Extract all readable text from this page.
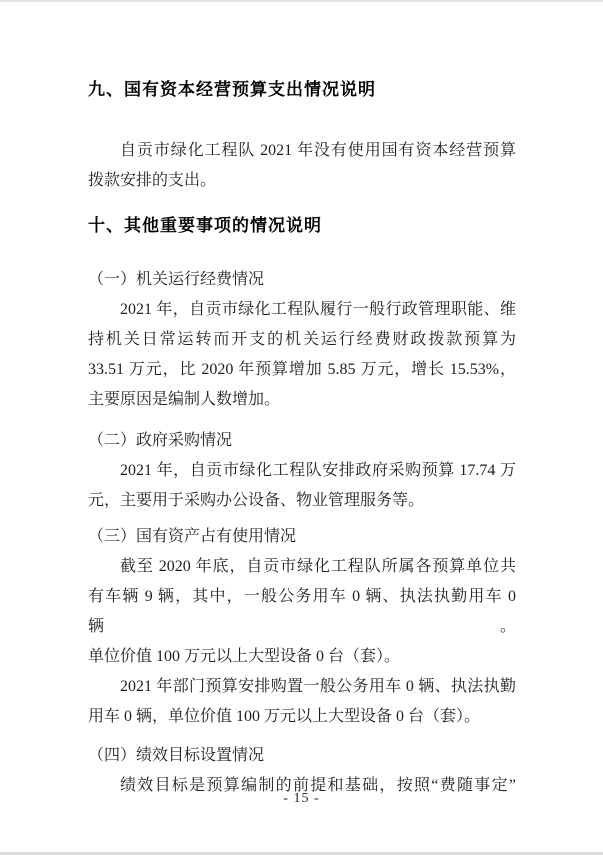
九、国有资本经营预算支出情况说明
自贡市绿化工程队 2021 年没有使用国有资本经营预算
拨款安排的支出。
十、其他重要事项的情况说明
（一）机关运行经费情况
2021 年，自贡市绿化工程队履行一般行政管理职能、维
持机关日常运转而开支的机关运行经费财政拨款预算为
33.51 万元，比 2020 年预算增加 5.85 万元，增长 15.53%，
主要原因是编制人数增加。
（二）政府采购情况
2021 年，自贡市绿化工程队安排政府采购预算 17.74 万
元，主要用于采购办公设备、物业管理服务等。
（三）国有资产占有使用情况
截至 2020 年底，自贡市绿化工程队所属各预算单位共
有车辆 9 辆，其中，一般公务用车 0 辆、执法执勤用车 0 辆。
单位价值 100 万元以上大型设备 0 台（套）。
2021 年部门预算安排购置一般公务用车 0 辆、执法执勤
用车 0 辆，单位价值 100 万元以上大型设备 0 台（套）。
（四）绩效目标设置情况
绩效目标是预算编制的前提和基础，按照“费随事定”
- 15 -
